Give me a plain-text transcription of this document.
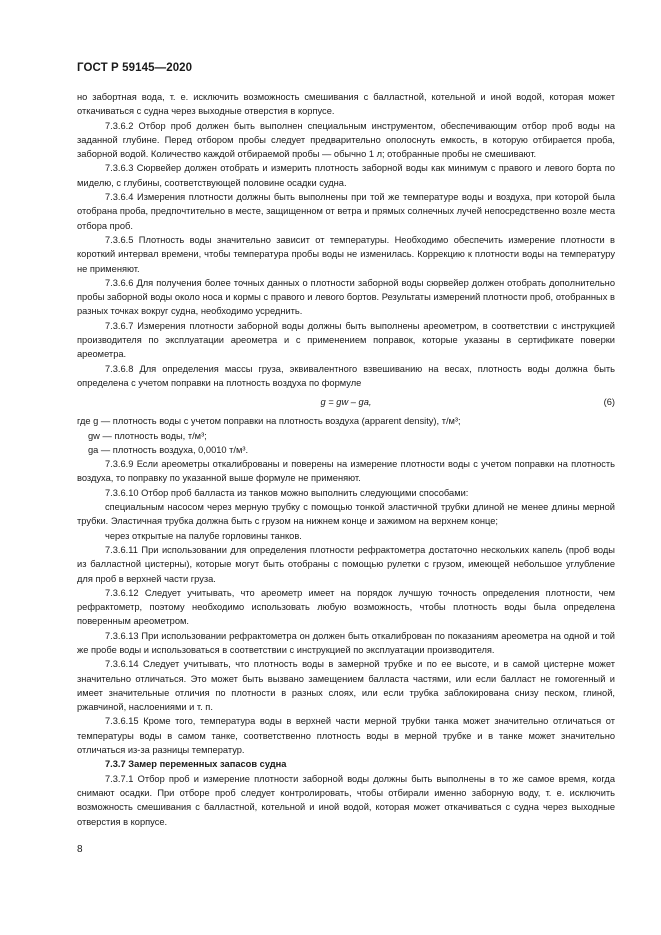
ГОСТ Р 59145—2020

но забортная вода, т. е. исключить возможность смешивания с балластной, котельной и иной водой, которая может откачиваться с судна через выходные отверстия в корпусе.

7.3.6.2 Отбор проб должен быть выполнен специальным инструментом, обеспечивающим отбор проб воды на заданной глубине. Перед отбором пробы следует предварительно ополоснуть емкость, в которую отбирается проба, заборной водой. Количество каждой отбираемой пробы — обычно 1 л; отобранные пробы не смешивают.

7.3.6.3 Сюрвейер должен отобрать и измерить плотность заборной воды как минимум с правого и левого борта по миделю, с глубины, соответствующей половине осадки судна.

7.3.6.4 Измерения плотности должны быть выполнены при той же температуре воды и воздуха, при которой была отобрана проба, предпочтительно в месте, защищенном от ветра и прямых солнечных лучей непосредственно возле места отбора проб.

7.3.6.5 Плотность воды значительно зависит от температуры. Необходимо обеспечить измерение плотности в короткий интервал времени, чтобы температура пробы воды не изменилась. Коррекцию к плотности воды на температуру не применяют.

7.3.6.6 Для получения более точных данных о плотности заборной воды сюрвейер должен отобрать дополнительно пробы заборной воды около носа и кормы с правого и левого бортов. Результаты измерений плотности проб, отобранных в разных точках вокруг судна, необходимо усреднить.

7.3.6.7 Измерения плотности заборной воды должны быть выполнены ареометром, в соответствии с инструкцией производителя по эксплуатации ареометра и с применением поправок, которые указаны в сертификате поверки ареометра.

7.3.6.8 Для определения массы груза, эквивалентного взвешиванию на весах, плотность воды должна быть определена с учетом поправки на плотность воздуха по формуле

g = gw – ga,	(6)

где g — плотность воды с учетом поправки на плотность воздуха (apparent density), т/м³;

gw — плотность воды, т/м³;

ga — плотность воздуха, 0,0010 т/м³.

7.3.6.9 Если ареометры откалиброваны и поверены на измерение плотности воды с учетом поправки на плотность воздуха, то поправку по указанной выше формуле не применяют.

7.3.6.10 Отбор проб балласта из танков можно выполнить следующими способами:

специальным насосом через мерную трубку с помощью тонкой эластичной трубки длиной не менее длины мерной трубки. Эластичная трубка должна быть с грузом на нижнем конце и зажимом на верхнем конце;

через открытые на палубе горловины танков.

7.3.6.11 При использовании для определения плотности рефрактометра достаточно нескольких капель (проб воды из балластной цистерны), которые могут быть отобраны с помощью рулетки с грузом, имеющей небольшое углубление для проб в верхней части груза.

7.3.6.12 Следует учитывать, что ареометр имеет на порядок лучшую точность определения плотности, чем рефрактометр, поэтому необходимо использовать любую возможность, чтобы плотность воды была определена поверенным ареометром.

7.3.6.13 При использовании рефрактометра он должен быть откалиброван по показаниям ареометра на одной и той же пробе воды и использоваться в соответствии с инструкцией по эксплуатации производителя.

7.3.6.14 Следует учитывать, что плотность воды в замерной трубке и по ее высоте, и в самой цистерне может значительно отличаться. Это может быть вызвано замещением балласта частями, или если балласт не гомогенный и имеет значительные отличия по плотности в разных слоях, или если трубка заблокирована снизу песком, глиной, ржавчиной, наслоениями и т. п.

7.3.6.15 Кроме того, температура воды в верхней части мерной трубки танка может значительно отличаться от температуры воды в самом танке, соответственно плотность воды в мерной трубке и в танке может значительно отличаться из-за разницы температур.

7.3.7 Замер переменных запасов судна

7.3.7.1 Отбор проб и измерение плотности заборной воды должны быть выполнены в то же самое время, когда снимают осадки. При отборе проб следует контролировать, чтобы отбирали именно заборную воду, т. е. исключить возможность смешивания с балластной, котельной и иной водой, которая может откачиваться с судна через выходные отверстия в корпусе.

8
